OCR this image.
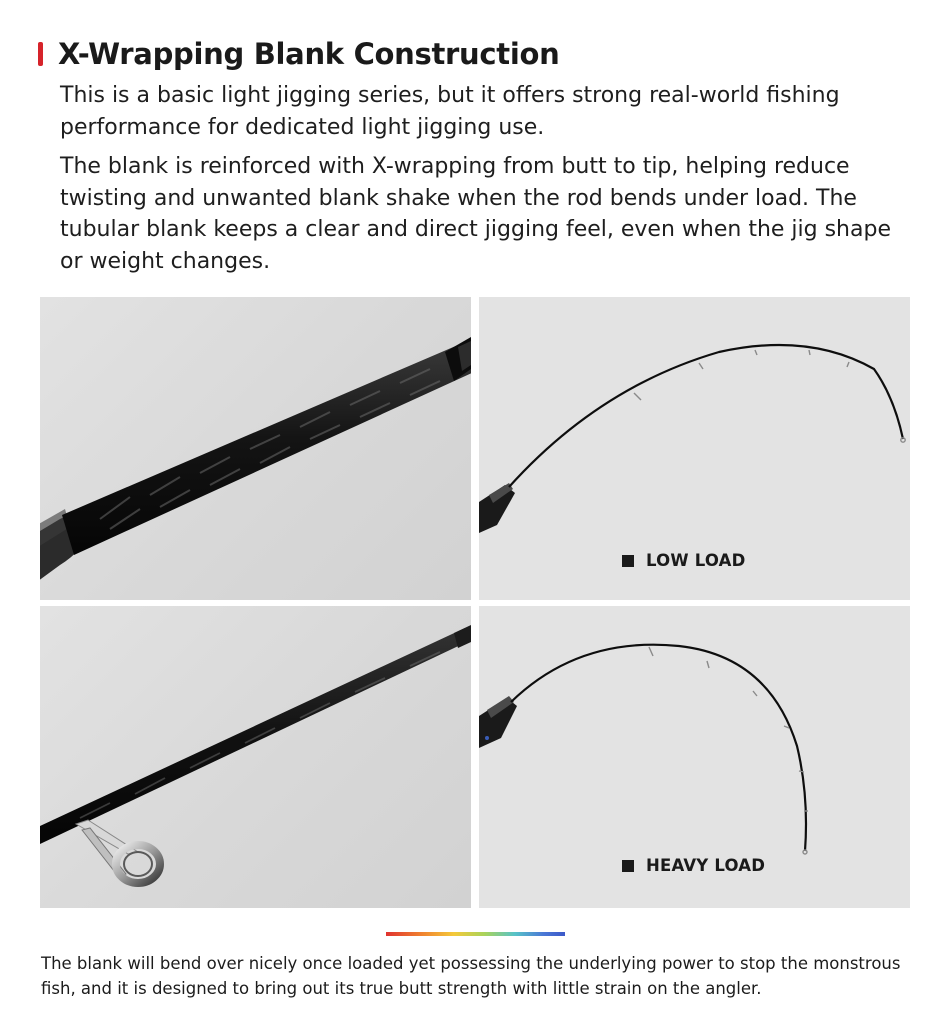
X-Wrapping Blank Construction

This is a basic light jigging series, but it offers strong real-world fishing performance for dedicated light jigging use.

The blank is reinforced with X-wrapping from butt to tip, helping reduce twisting and unwanted blank shake when the rod bends under load. The tubular blank keeps a clear and direct jigging feel, even when the jig shape or weight changes.

LOW LOAD
HEAVY LOAD

The blank will bend over nicely once loaded yet possessing the underlying power to stop the monstrous fish, and it is designed to bring out its true butt strength with little strain on the angler.
